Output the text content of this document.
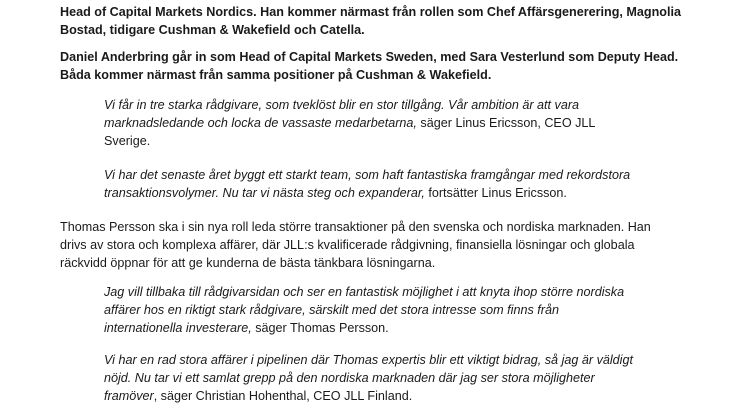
Head of Capital Markets Nordics. Han kommer närmast från rollen som Chef Affärsgenerering, Magnolia
Bostad, tidigare Cushman & Wakefield och Catella.
Daniel Anderbring går in som Head of Capital Markets Sweden, med Sara Vesterlund som Deputy Head.
Båda kommer närmast från samma positioner på Cushman & Wakefield.
Vi får in tre starka rådgivare, som tveklöst blir en stor tillgång. Vår ambition är att vara
marknadsledande och locka de vassaste medarbetarna, säger Linus Ericsson, CEO JLL
Sverige.
Vi har det senaste året byggt ett starkt team, som haft fantastiska framgångar med rekordstora
transaktionsvolymer. Nu tar vi nästa steg och expanderar, fortsätter Linus Ericsson.
Thomas Persson ska i sin nya roll leda större transaktioner på den svenska och nordiska marknaden. Han
drivs av stora och komplexa affärer, där JLL:s kvalificerade rådgivning, finansiella lösningar och globala
räckvidd öppnar för att ge kunderna de bästa tänkbara lösningarna.
Jag vill tillbaka till rådgivarsidan och ser en fantastisk möjlighet i att knyta ihop större nordiska
affärer hos en riktigt stark rådgivare, särskilt med det stora intresse som finns från
internationella investerare, säger Thomas Persson.
Vi har en rad stora affärer i pipelinen där Thomas expertis blir ett viktigt bidrag, så jag är väldigt
nöjd. Nu tar vi ett samlat grepp på den nordiska marknaden där jag ser stora möjligheter
framöver, säger Christian Hohenthal, CEO JLL Finland.
